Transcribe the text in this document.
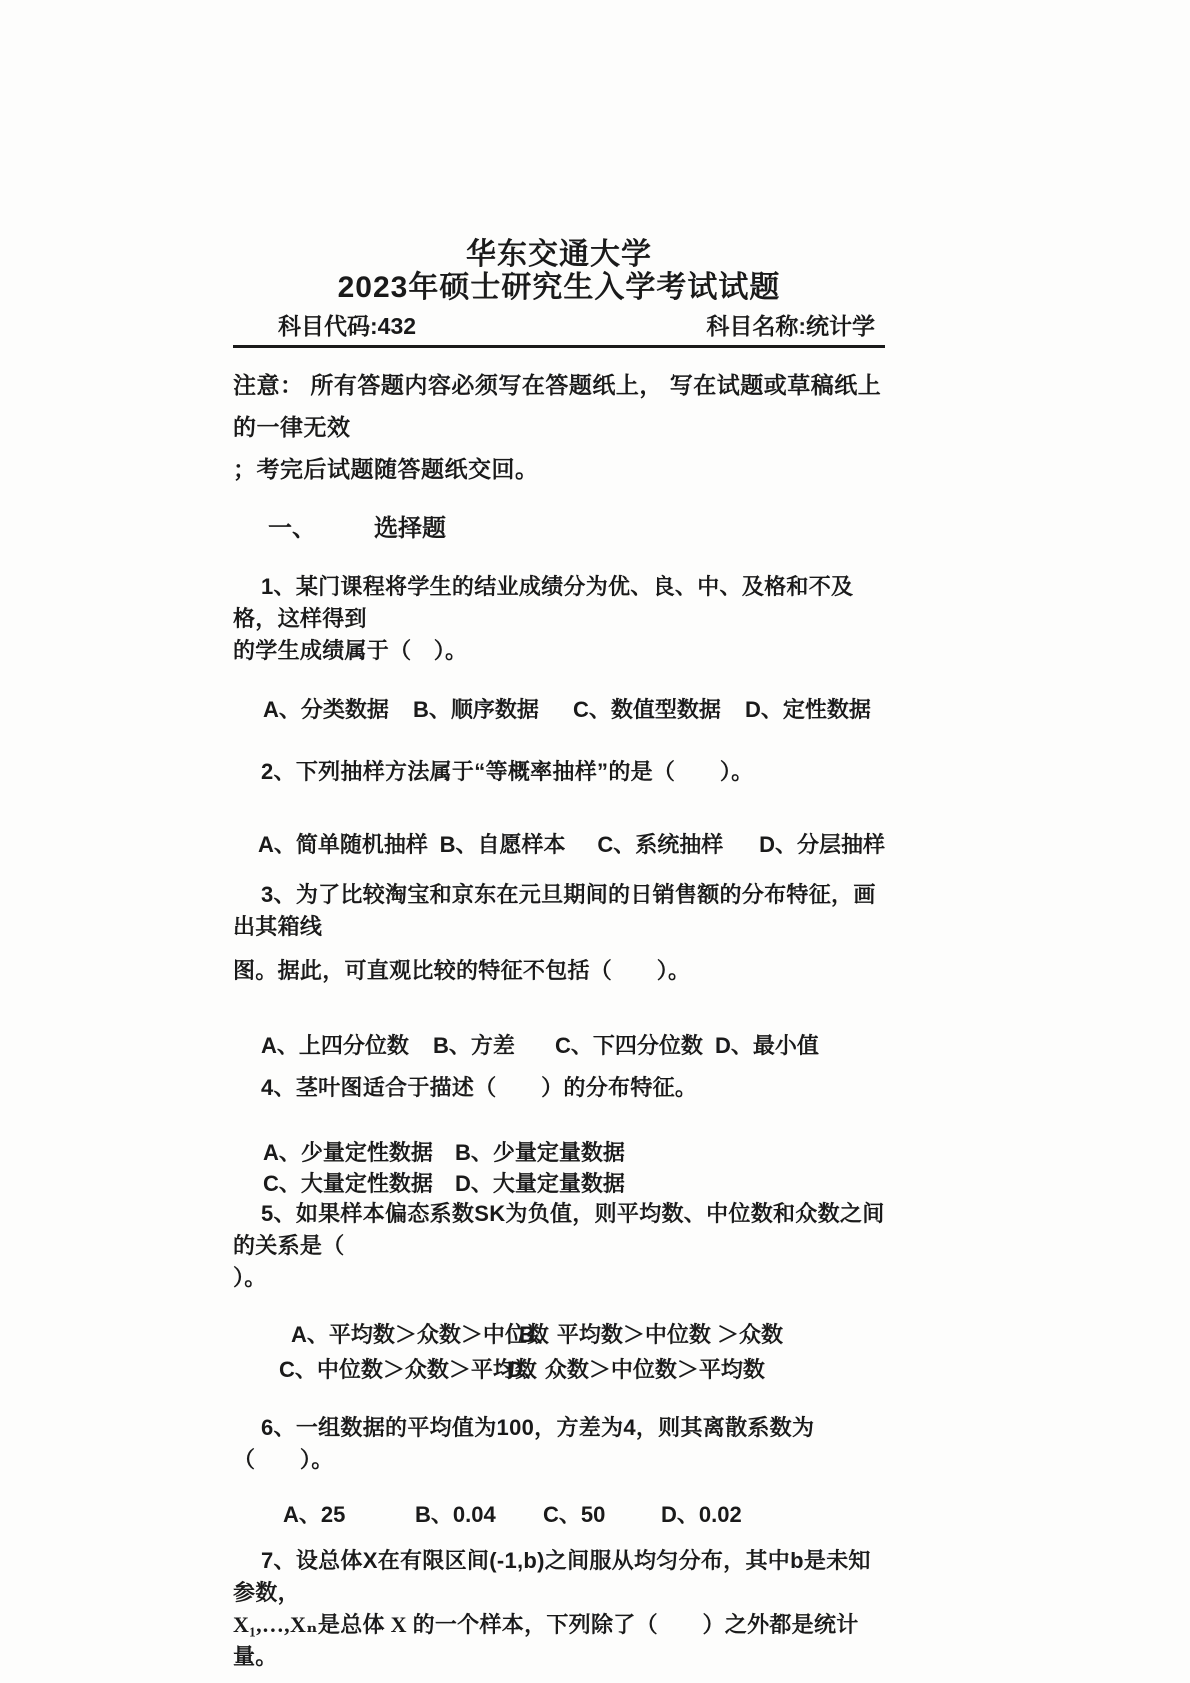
华东交通大学
2023年硕士研究生入学考试试题
科目代码:432	科目名称:统计学
注意： 所有答题内容必须写在答题纸上， 写在试题或草稿纸上的一律无效
；考完后试题随答题纸交回。
一、 选择题
1、某门课程将学生的结业成绩分为优、良、中、及格和不及格，这样得到
的学生成绩属于（　）。
A、分类数据	B、顺序数据	C、数值型数据	D、定性数据
2、下列抽样方法属于“等概率抽样”的是（　　）。
A、简单随机抽样 B、自愿样本	C、系统抽样	D、分层抽样
3、为了比较淘宝和京东在元旦期间的日销售额的分布特征，画出其箱线
图。据此，可直观比较的特征不包括（　　）。
A、上四分位数	B、方差	C、下四分位数 D、最小值
4、茎叶图适合于描述（　　）的分布特征。
A、少量定性数据	B、少量定量数据
C、大量定性数据	D、大量定量数据
5、如果样本偏态系数SK为负值，则平均数、中位数和众数之间的关系是（
）。
A、平均数＞众数＞中位数
B、平均数＞中位数 ＞众数
C、中位数＞众数＞平均数
D、众数＞中位数＞平均数
6、一组数据的平均值为100，方差为4，则其离散系数为（　　）。
A、25	B、0.04	C、50	D、0.02
7、设总体X在有限区间(-1,b)之间服从均匀分布，其中b是未知参数，
X₁,…,Xₙ是总体 X 的一个样本，下列除了（　　）之外都是统计量。
